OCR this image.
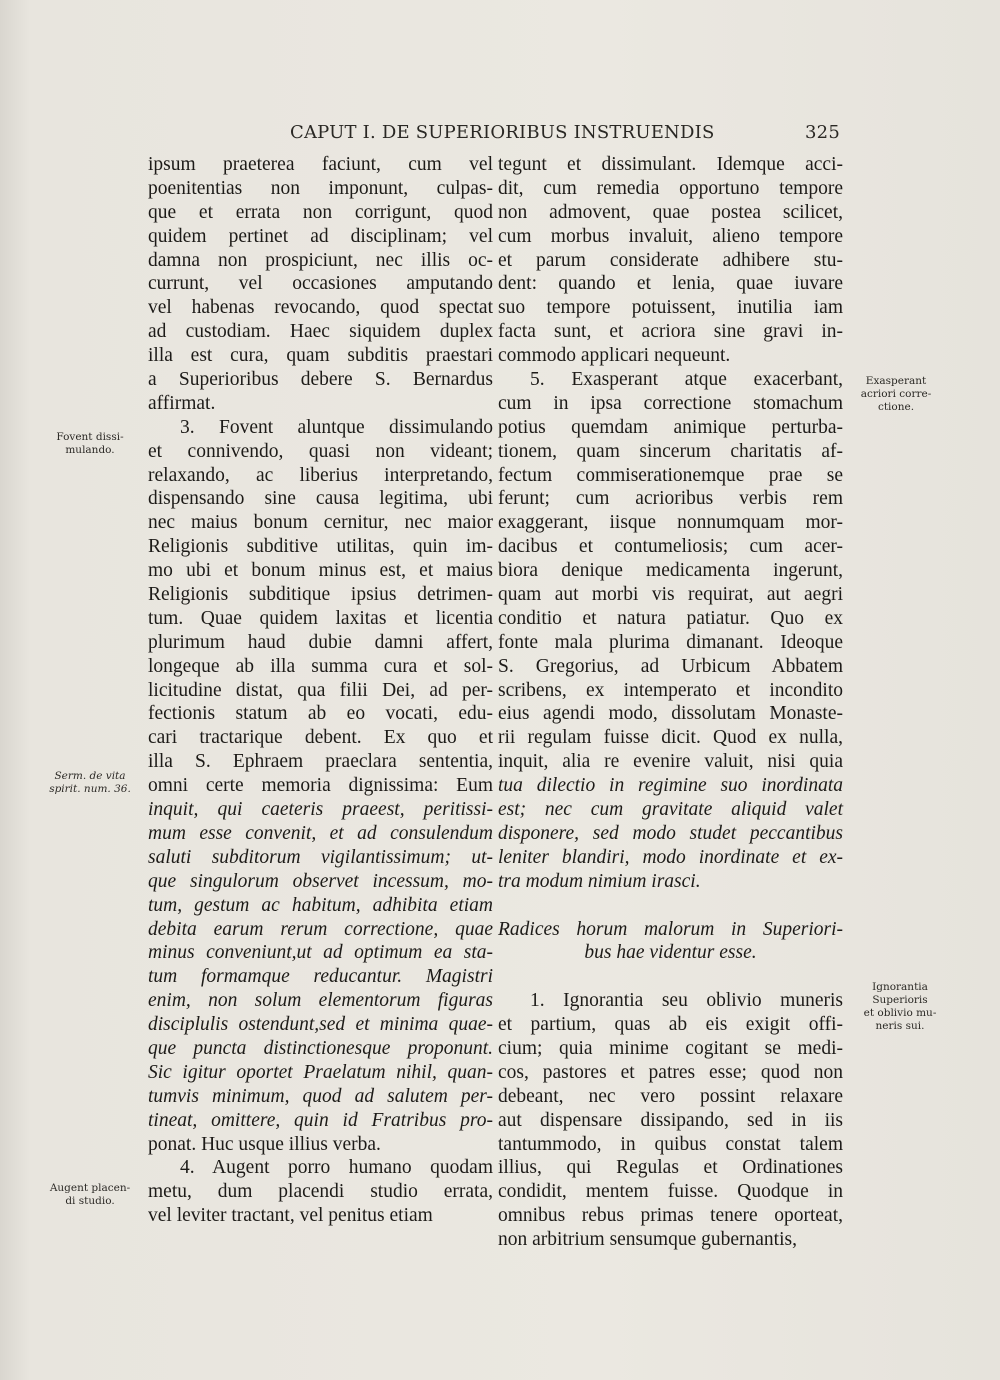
CAPUT I. DE SUPERIORIBUS INSTRUENDIS	325
Fovent dissi-
mulando.
Serm. de vita
spirit. num. 36.
Augent placen-
di studio.
Exasperant
acriori corre-
ctione.
Ignorantia
Superioris
et oblivio mu-
neris sui.
ipsum praeterea faciunt, cum vel
poenitentias non imponunt, culpas-
que et errata non corrigunt, quod
quidem pertinet ad disciplinam; vel
damna non prospiciunt, nec illis oc-
currunt, vel occasiones amputando
vel habenas revocando, quod spectat
ad custodiam. Haec siquidem duplex
illa est cura, quam subditis praestari
a Superioribus debere S. Bernardus
affirmat.
3. Fovent aluntque dissimulando
et connivendo, quasi non videant;
relaxando, ac liberius interpretando,
dispensando sine causa legitima, ubi
nec maius bonum cernitur, nec maior
Religionis subditive utilitas, quin im-
mo ubi et bonum minus est, et maius
Religionis subditique ipsius detrimen-
tum. Quae quidem laxitas et licentia
plurimum haud dubie damni affert,
longeque ab illa summa cura et sol-
licitudine distat, qua filii Dei, ad per-
fectionis statum ab eo vocati, edu-
cari tractarique debent. Ex quo et
illa S. Ephraem praeclara sententia,
omni certe memoria dignissima: Eum
inquit, qui caeteris praeest, peritissi-
mum esse convenit, et ad consulendum
saluti subditorum vigilantissimum; ut-
que singulorum observet incessum, mo-
tum, gestum ac habitum, adhibita etiam
debita earum rerum correctione, quae
minus conveniunt,ut ad optimum ea sta-
tum formamque reducantur. Magistri
enim, non solum elementorum figuras
disciplulis ostendunt,sed et minima quae-
que puncta distinctionesque proponunt.
Sic igitur oportet Praelatum nihil, quan-
tumvis minimum, quod ad salutem per-
tineat, omittere, quin id Fratribus pro-
ponat. Huc usque illius verba.
4. Augent porro humano quodam
metu, dum placendi studio errata,
vel leviter tractant, vel penitus etiam
tegunt et dissimulant. Idemque acci-
dit, cum remedia opportuno tempore
non admovent, quae postea scilicet,
cum morbus invaluit, alieno tempore
et parum considerate adhibere stu-
dent: quando et lenia, quae iuvare
suo tempore potuissent, inutilia iam
facta sunt, et acriora sine gravi in-
commodo applicari nequeunt.
5. Exasperant atque exacerbant,
cum in ipsa correctione stomachum
potius quemdam animique perturba-
tionem, quam sincerum charitatis af-
fectum commiserationemque prae se
ferunt; cum acrioribus verbis rem
exaggerant, iisque nonnumquam mor-
dacibus et contumeliosis; cum acer-
biora denique medicamenta ingerunt,
quam aut morbi vis requirat, aut aegri
conditio et natura patiatur. Quo ex
fonte mala plurima dimanant. Ideoque
S. Gregorius, ad Urbicum Abbatem
scribens, ex intemperato et incondito
eius agendi modo, dissolutam Monaste-
rii regulam fuisse dicit. Quod ex nulla,
inquit, alia re evenire valuit, nisi quia
tua dilectio in regimine suo inordinata
est; nec cum gravitate aliquid valet
disponere, sed modo studet peccantibus
leniter blandiri, modo inordinate et ex-
tra modum nimium irasci.
Radices horum malorum in Superiori-
bus hae videntur esse.
1. Ignorantia seu oblivio muneris
et partium, quas ab eis exigit offi-
cium; quia minime cogitant se medi-
cos, pastores et patres esse; quod non
debeant, nec vero possint relaxare
aut dispensare dissipando, sed in iis
tantummodo, in quibus constat talem
illius, qui Regulas et Ordinationes
condidit, mentem fuisse. Quodque in
omnibus rebus primas tenere oporteat,
non arbitrium sensumque gubernantis,
